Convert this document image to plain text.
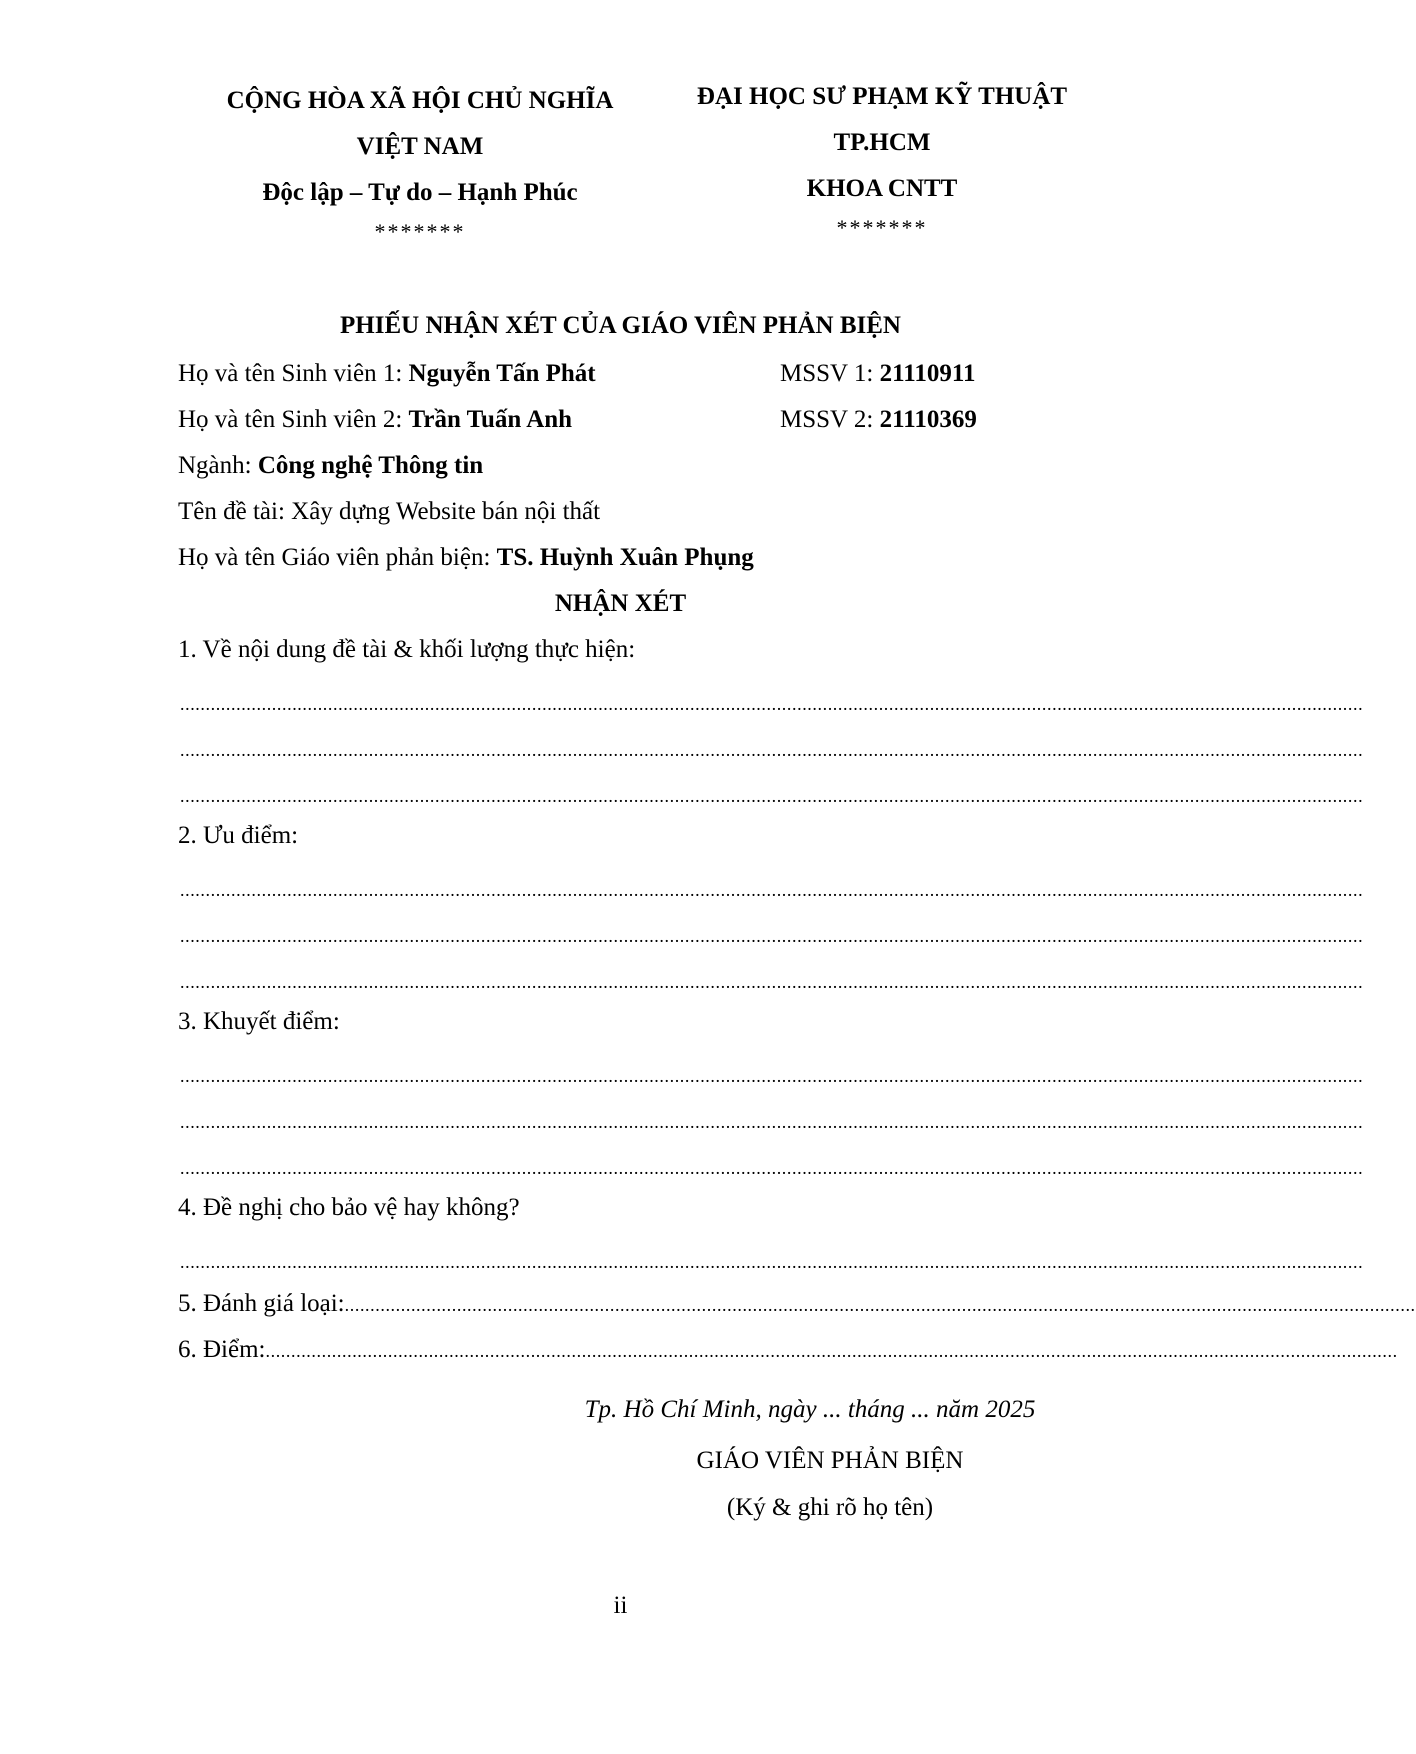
CỘNG HÒA XÃ HỘI CHỦ NGHĨA
VIỆT NAM
Độc lập – Tự do – Hạnh Phúc
*******
ĐẠI HỌC SƯ PHẠM KỸ THUẬT
TP.HCM
KHOA CNTT
*******
PHIẾU NHẬN XÉT CỦA GIÁO VIÊN PHẢN BIỆN
Họ và tên Sinh viên 1: Nguyễn Tấn Phát	MSSV 1: 21110911
Họ và tên Sinh viên 2: Trần Tuấn Anh	MSSV 2: 21110369
Ngành: Công nghệ Thông tin
Tên đề tài: Xây dựng Website bán nội thất
Họ và tên Giáo viên phản biện: TS. Huỳnh Xuân Phụng
NHẬN XÉT
1. Về nội dung đề tài & khối lượng thực hiện:
.....
.....
.....
2. Ưu điểm:
.....
.....
.....
3. Khuyết điểm:
.....
.....
.....
4. Đề nghị cho bảo vệ hay không?
.....
5. Đánh giá loại:..................................................................................................................................................................................................................
6. Điểm:..............................................................................................................................................................................................................................
Tp. Hồ Chí Minh, ngày ... tháng ... năm 2025
GIÁO VIÊN PHẢN BIỆN
(Ký & ghi rõ họ tên)
ii
